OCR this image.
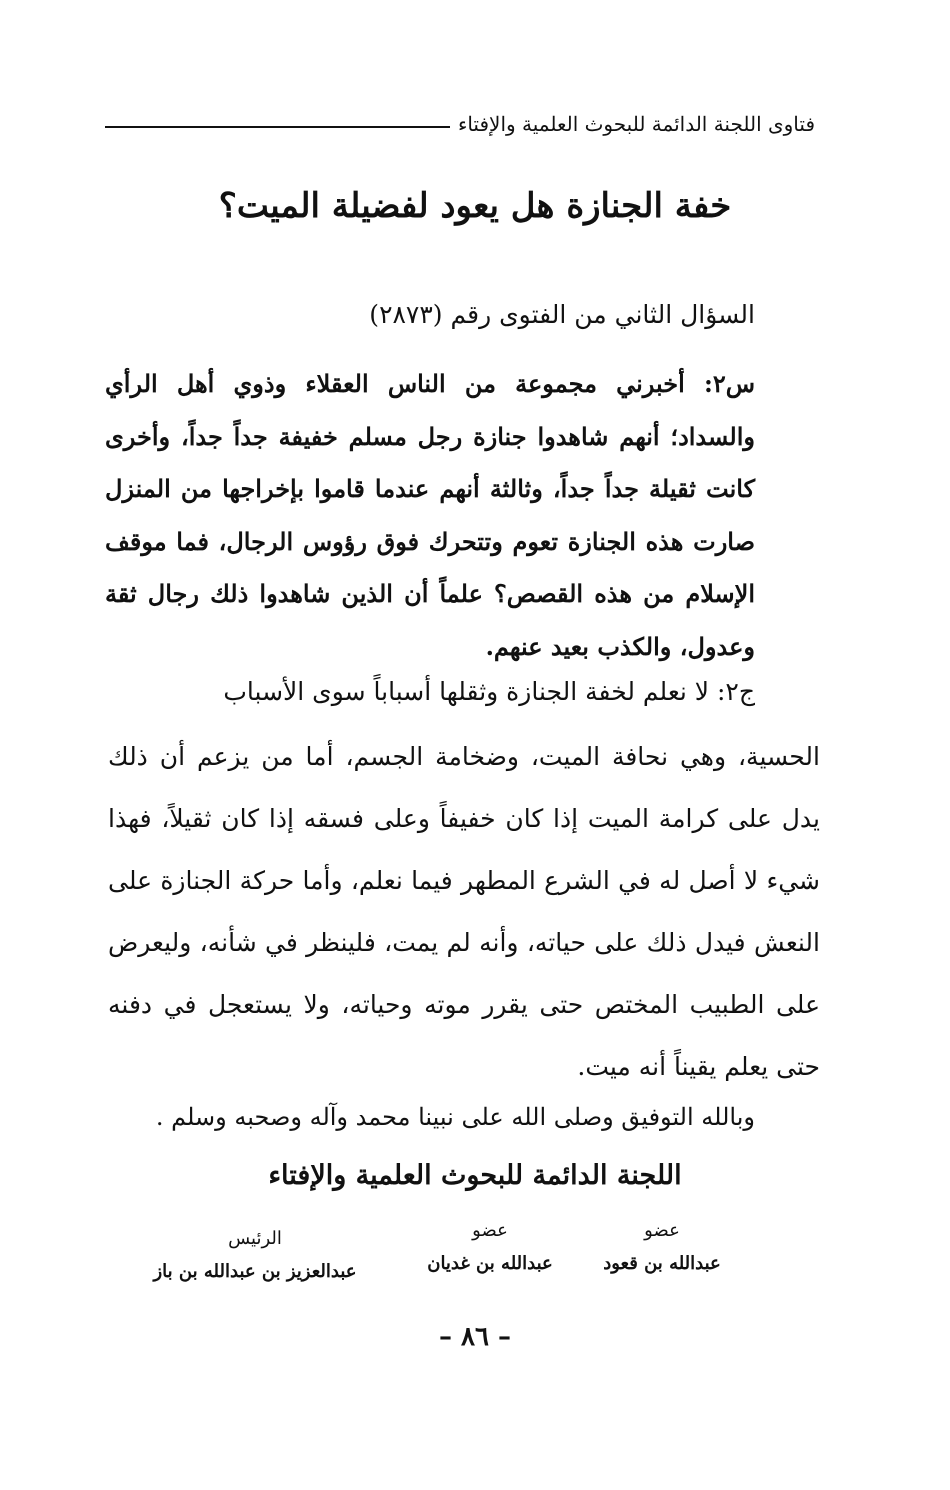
فتاوى اللجنة الدائمة للبحوث العلمية والإفتاء
خفة الجنازة هل يعود لفضيلة الميت؟
السؤال الثاني من الفتوى رقم (٢٨٧٣)

س٢: أخبرني مجموعة من الناس العقلاء وذوي أهل الرأي والسداد؛ أنهم شاهدوا جنازة رجل مسلم خفيفة جداً جداً، وأخرى كانت ثقيلة جداً جداً، وثالثة أنهم عندما قاموا بإخراجها من المنزل صارت هذه الجنازة تعوم وتتحرك فوق رؤوس الرجال، فما موقف الإسلام من هذه القصص؟ علماً أن الذين شاهدوا ذلك رجال ثقة وعدول، والكذب بعيد عنهم.

ج٢: لا نعلم لخفة الجنازة وثقلها أسباباً سوى الأسباب

الحسية، وهي نحافة الميت، وضخامة الجسم، أما من يزعم أن ذلك يدل على كرامة الميت إذا كان خفيفاً وعلى فسقه إذا كان ثقيلاً، فهذا شيء لا أصل له في الشرع المطهر فيما نعلم، وأما حركة الجنازة على النعش فيدل ذلك على حياته، وأنه لم يمت، فلينظر في شأنه، وليعرض على الطبيب المختص حتى يقرر موته وحياته، ولا يستعجل في دفنه حتى يعلم يقيناً أنه ميت.

وبالله التوفيق وصلى الله على نبينا محمد وآله وصحبه وسلم .
اللجنة الدائمة للبحوث العلمية والإفتاء
عضو
عبدالله بن قعود
عضو
عبدالله بن غديان
الرئيس
عبدالعزيز بن عبدالله بن باز
– ٨٦ –
